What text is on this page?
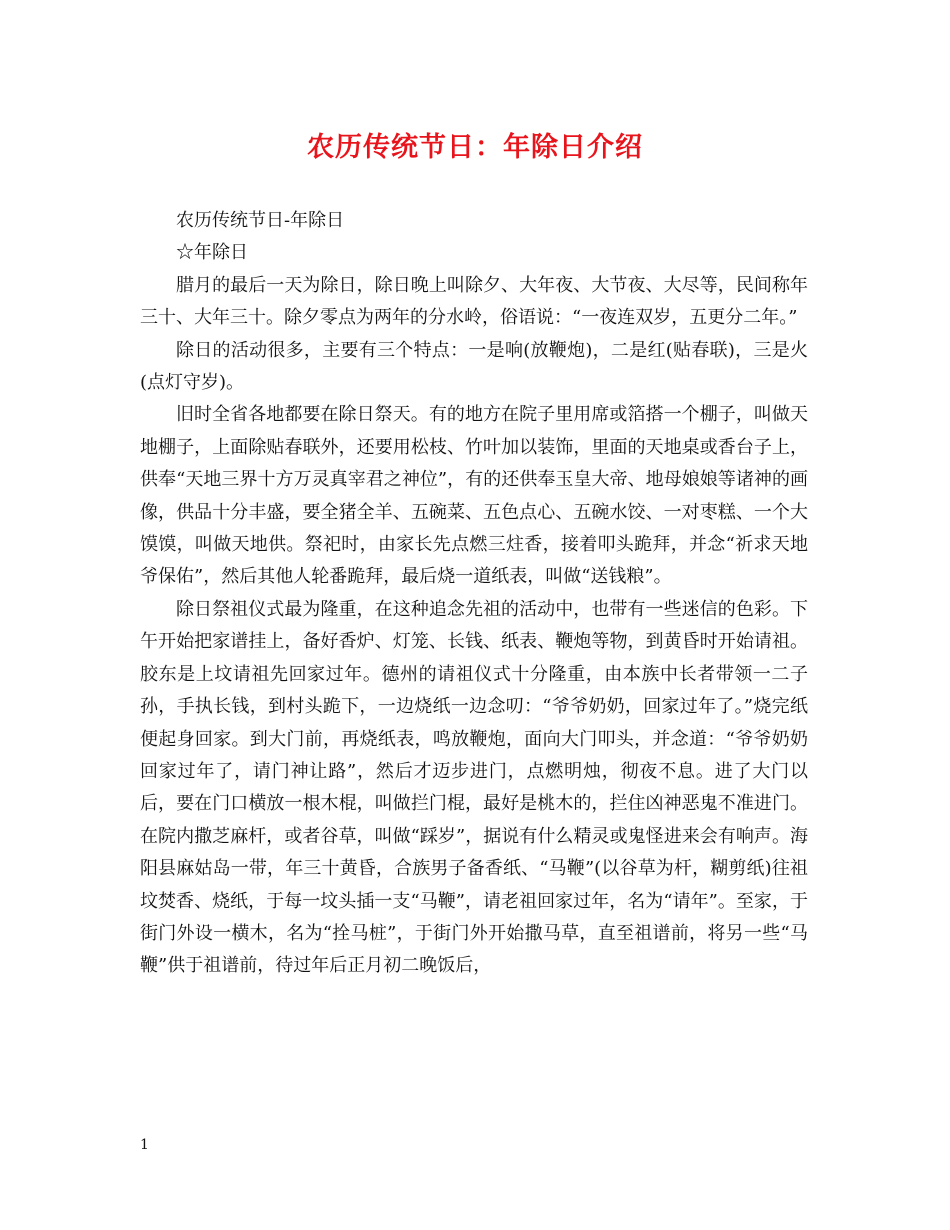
农历传统节日：年除日介绍

农历传统节日-年除日

☆年除日

腊月的最后一天为除日，除日晚上叫除夕、大年夜、大节夜、大尽等，民间称年三十、大年三十。除夕零点为两年的分水岭，俗语说：“一夜连双岁，五更分二年。”

除日的活动很多，主要有三个特点：一是响(放鞭炮)，二是红(贴春联)，三是火(点灯守岁)。

旧时全省各地都要在除日祭天。有的地方在院子里用席或箔搭一个棚子，叫做天地棚子，上面除贴春联外，还要用松枝、竹叶加以装饰，里面的天地桌或香台子上，供奉“天地三界十方万灵真宰君之神位”，有的还供奉玉皇大帝、地母娘娘等诸神的画像，供品十分丰盛，要全猪全羊、五碗菜、五色点心、五碗水饺、一对枣糕、一个大馍馍，叫做天地供。祭祀时，由家长先点燃三炷香，接着叩头跪拜，并念“祈求天地爷保佑”，然后其他人轮番跪拜，最后烧一道纸表，叫做“送钱粮”。

除日祭祖仪式最为隆重，在这种追念先祖的活动中，也带有一些迷信的色彩。下午开始把家谱挂上，备好香炉、灯笼、长钱、纸表、鞭炮等物，到黄昏时开始请祖。胶东是上坟请祖先回家过年。德州的请祖仪式十分隆重，由本族中长者带领一二子孙，手执长钱，到村头跪下，一边烧纸一边念叨：“爷爷奶奶，回家过年了。”烧完纸便起身回家。到大门前，再烧纸表，鸣放鞭炮，面向大门叩头，并念道：“爷爷奶奶回家过年了，请门神让路”，然后才迈步进门，点燃明烛，彻夜不息。进了大门以后，要在门口横放一根木棍，叫做拦门棍，最好是桃木的，拦住凶神恶鬼不准进门。在院内撒芝麻杆，或者谷草，叫做“踩岁”，据说有什么精灵或鬼怪进来会有响声。海阳县麻姑岛一带，年三十黄昏，合族男子备香纸、“马鞭”(以谷草为杆，糊剪纸)往祖坟焚香、烧纸，于每一坟头插一支“马鞭”，请老祖回家过年，名为“请年”。至家，于街门外设一横木，名为“拴马桩”，于街门外开始撒马草，直至祖谱前，将另一些“马鞭”供于祖谱前，待过年后正月初二晚饭后，

1
